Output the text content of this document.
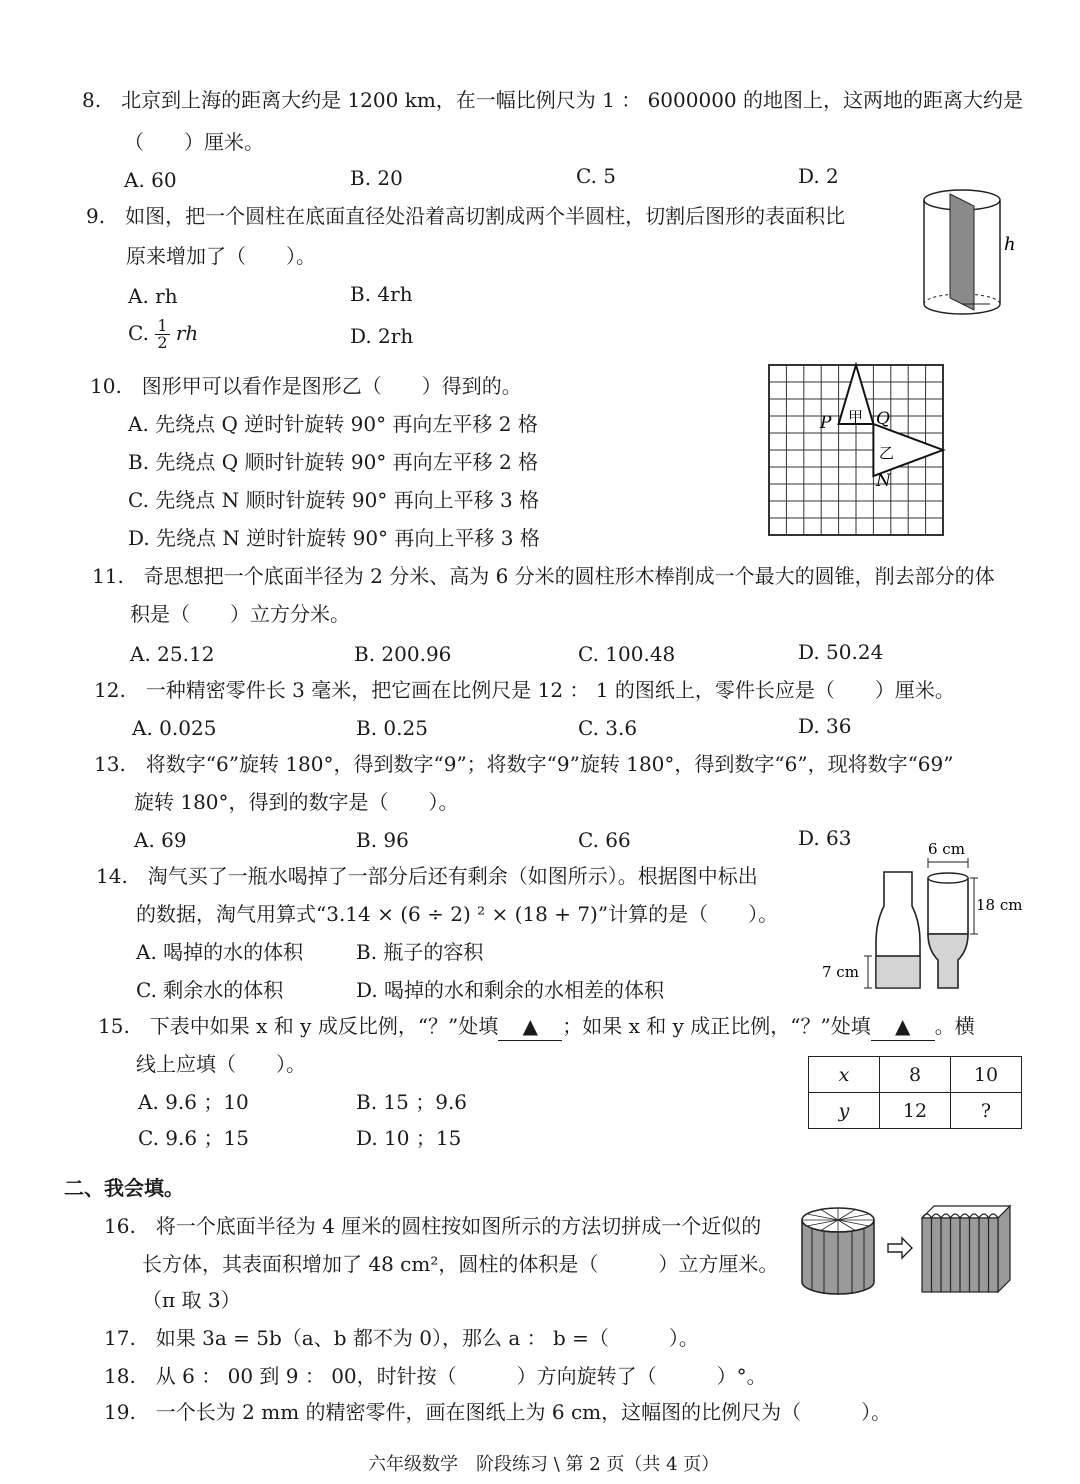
8.　北京到上海的距离大约是 1200 km，在一幅比例尺为 1 ： 6000000 的地图上，这两地的距离大约是
（　　）厘米。
A. 60	B. 20	C. 5	D. 2
9.　如图，把一个圆柱在底面直径处沿着高切割成两个半圆柱，切割后图形的表面积比
原来增加了（　　）。
A. rh	B. 4rh
C. $\frac{1}{2}$ rh	D. 2rh
h
10.　图形甲可以看作是图形乙（　　）得到的。
A. 先绕点 Q 逆时针旋转 90° 再向左平移 2 格
B. 先绕点 Q 顺时针旋转 90° 再向左平移 2 格
C. 先绕点 N 顺时针旋转 90° 再向上平移 3 格
D. 先绕点 N 逆时针旋转 90° 再向上平移 3 格
P 甲 Q
乙
N
11.　奇思想把一个底面半径为 2 分米、高为 6 分米的圆柱形木棒削成一个最大的圆锥，削去部分的体
积是（　　）立方分米。
A. 25.12	B. 200.96	C. 100.48	D. 50.24
12.　一种精密零件长 3 毫米，把它画在比例尺是 12 ： 1 的图纸上，零件长应是（　　）厘米。
A. 0.025	B. 0.25	C. 3.6	D. 36
13.　将数字“6”旋转 180°，得到数字“9”；将数字“9”旋转 180°，得到数字“6”，现将数字“69”
旋转 180°，得到的数字是（　　）。
A. 69	B. 96	C. 66	D. 63
14.　淘气买了一瓶水喝掉了一部分后还有剩余（如图所示）。根据图中标出
的数据，淘气用算式“3.14 × (6 ÷ 2) ² × (18 + 7)”计算的是（　　）。
A. 喝掉的水的体积	B. 瓶子的容积
C. 剩余水的体积	D. 喝掉的水和剩余的水相差的体积
6 cm
18 cm
7 cm
15.　下表中如果 x 和 y 成反比例，“？”处填 ▲ ；如果 x 和 y 成正比例，“？”处填 ▲ 。横
线上应填（　　）。
A. 9.6 ；10	B. 15 ；9.6
C. 9.6 ；15	D. 10 ；15
x	8	10
y	12	?
二、我会填。
16.　将一个底面半径为 4 厘米的圆柱按如图所示的方法切拼成一个近似的
长方体，其表面积增加了 48 cm²，圆柱的体积是（　　　）立方厘米。
（π 取 3）
17.　如果 3a = 5b（a、b 都不为 0），那么 a ： b =（　　　）。
18.　从 6 ： 00 到 9 ： 00，时针按（　　　）方向旋转了（　　　）°。
19.　一个长为 2 mm 的精密零件，画在图纸上为 6 cm，这幅图的比例尺为（　　　）。
六年级数学　阶段练习 \ 第 2 页（共 4 页）
